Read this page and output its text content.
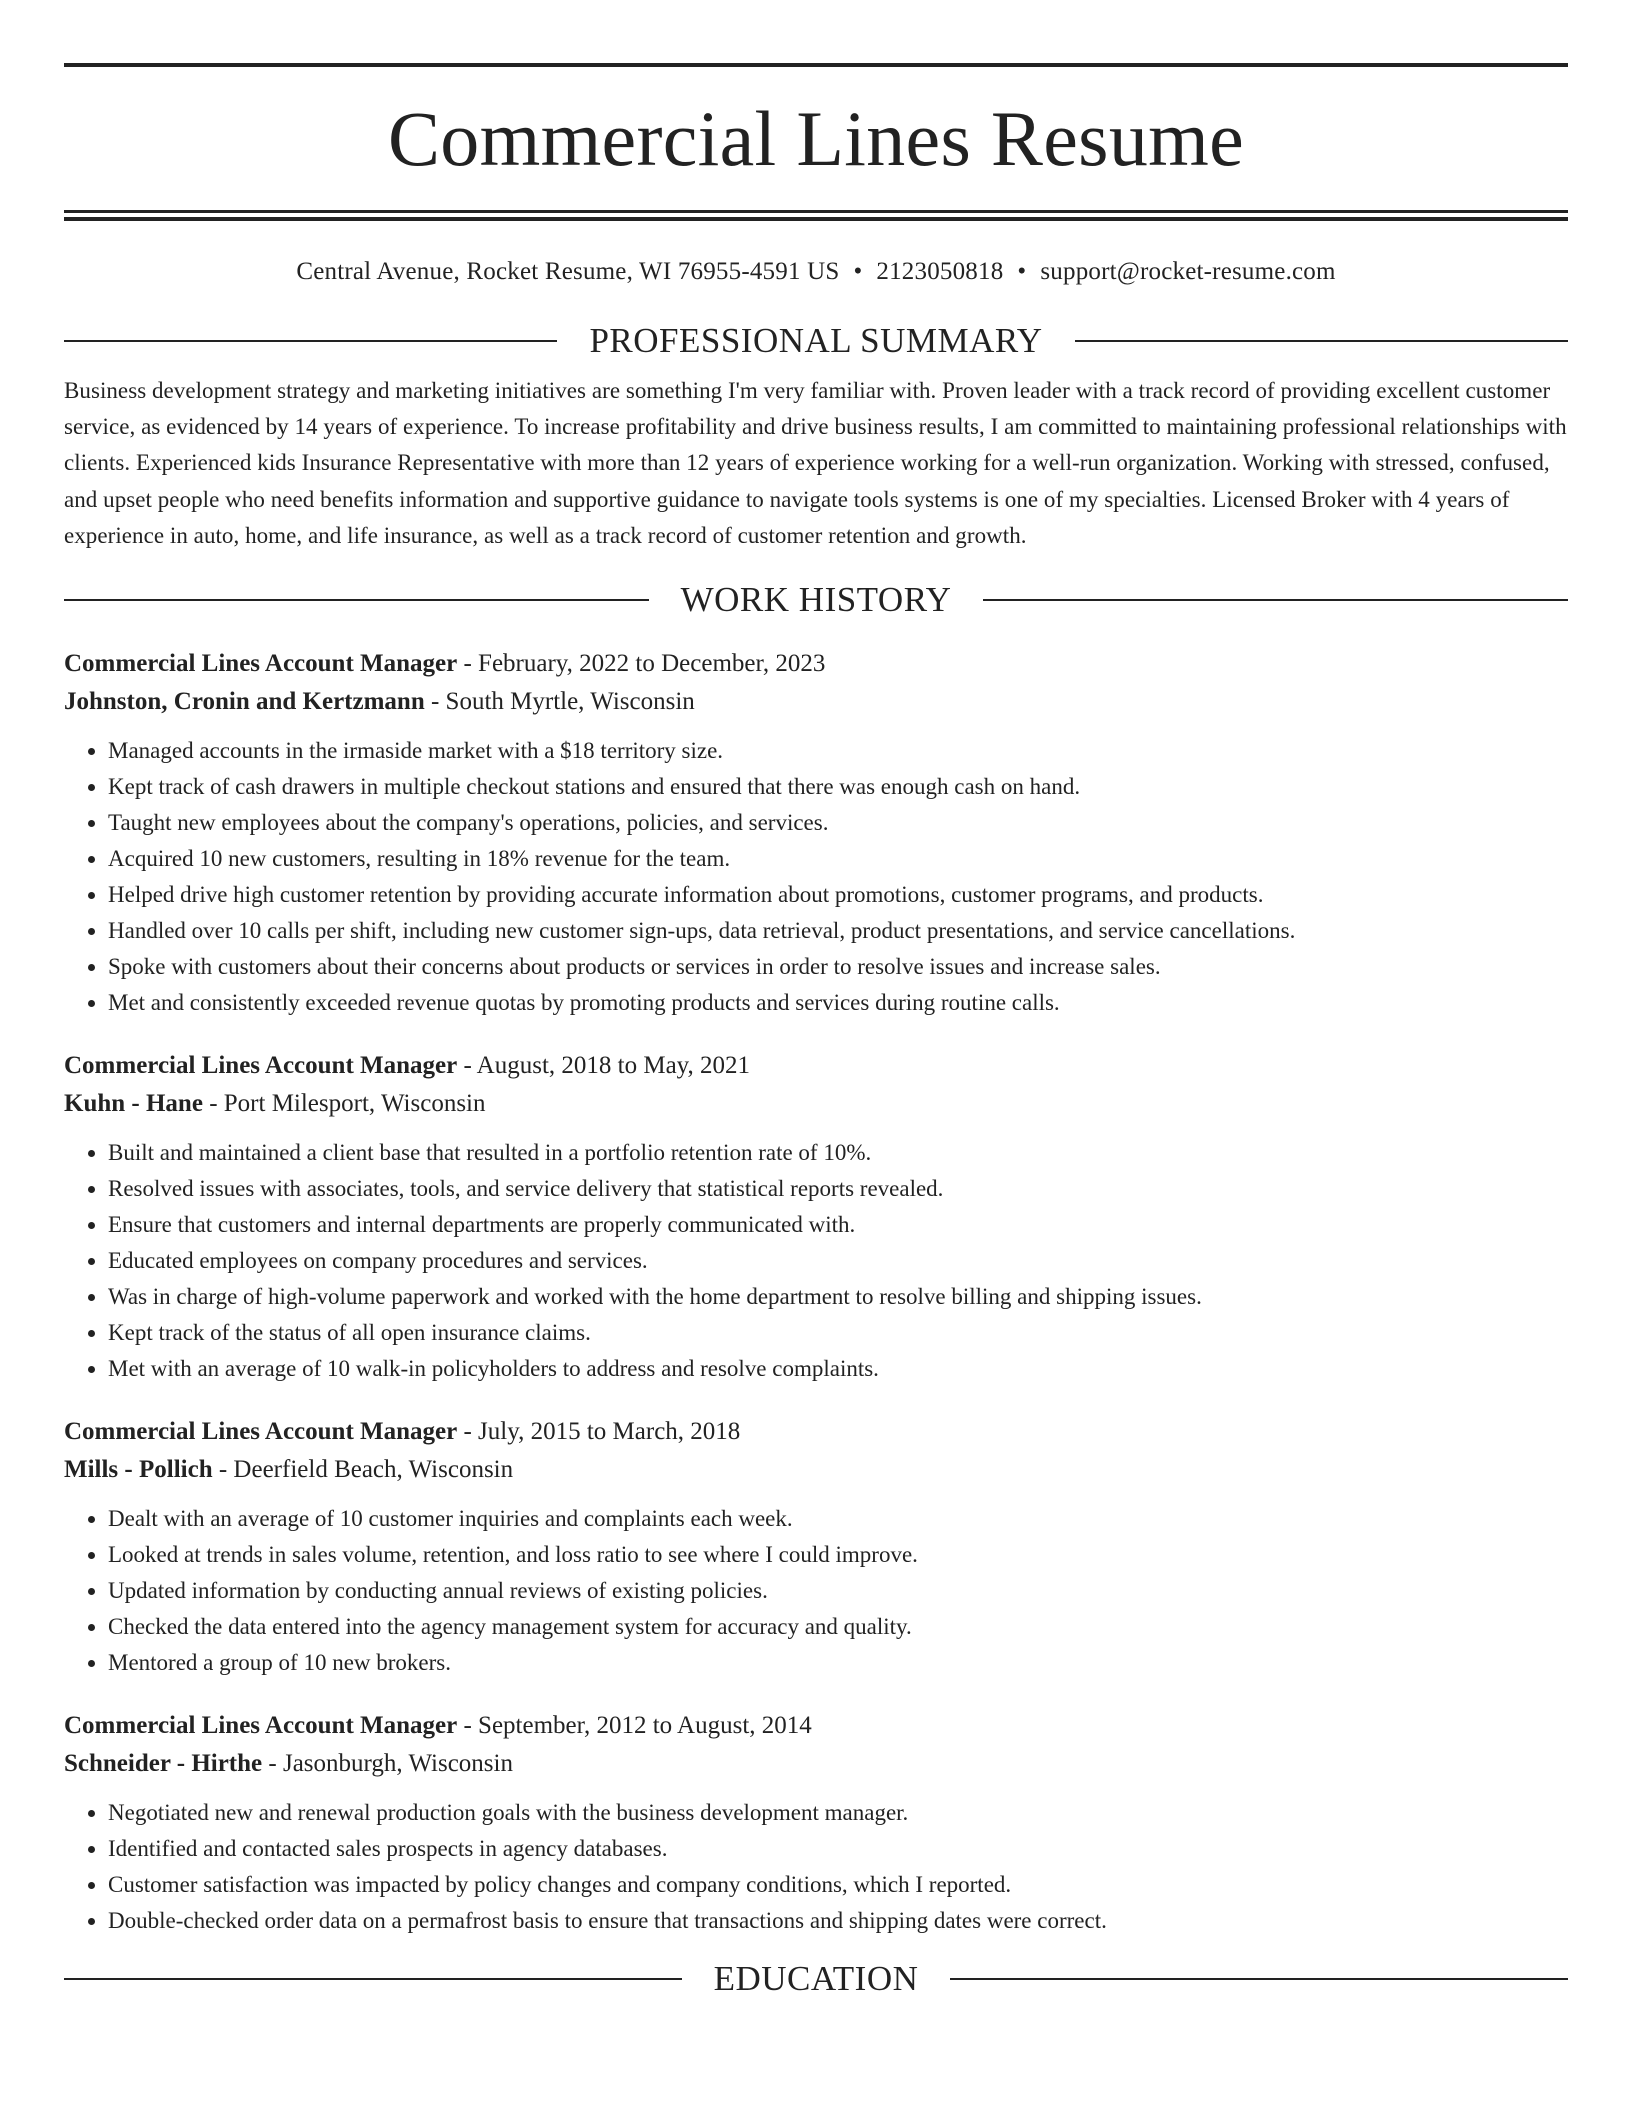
Commercial Lines Resume
Central Avenue, Rocket Resume, WI 76955-4591 US • 2123050818 • support@rocket-resume.com
PROFESSIONAL SUMMARY
Business development strategy and marketing initiatives are something I'm very familiar with. Proven leader with a track record of providing excellent customer service, as evidenced by 14 years of experience. To increase profitability and drive business results, I am committed to maintaining professional relationships with clients. Experienced kids Insurance Representative with more than 12 years of experience working for a well-run organization. Working with stressed, confused, and upset people who need benefits information and supportive guidance to navigate tools systems is one of my specialties. Licensed Broker with 4 years of experience in auto, home, and life insurance, as well as a track record of customer retention and growth.
WORK HISTORY
Commercial Lines Account Manager - February, 2022 to December, 2023
Johnston, Cronin and Kertzmann - South Myrtle, Wisconsin
• Managed accounts in the irmaside market with a $18 territory size.
• Kept track of cash drawers in multiple checkout stations and ensured that there was enough cash on hand.
• Taught new employees about the company's operations, policies, and services.
• Acquired 10 new customers, resulting in 18% revenue for the team.
• Helped drive high customer retention by providing accurate information about promotions, customer programs, and products.
• Handled over 10 calls per shift, including new customer sign-ups, data retrieval, product presentations, and service cancellations.
• Spoke with customers about their concerns about products or services in order to resolve issues and increase sales.
• Met and consistently exceeded revenue quotas by promoting products and services during routine calls.
Commercial Lines Account Manager - August, 2018 to May, 2021
Kuhn - Hane - Port Milesport, Wisconsin
• Built and maintained a client base that resulted in a portfolio retention rate of 10%.
• Resolved issues with associates, tools, and service delivery that statistical reports revealed.
• Ensure that customers and internal departments are properly communicated with.
• Educated employees on company procedures and services.
• Was in charge of high-volume paperwork and worked with the home department to resolve billing and shipping issues.
• Kept track of the status of all open insurance claims.
• Met with an average of 10 walk-in policyholders to address and resolve complaints.
Commercial Lines Account Manager - July, 2015 to March, 2018
Mills - Pollich - Deerfield Beach, Wisconsin
• Dealt with an average of 10 customer inquiries and complaints each week.
• Looked at trends in sales volume, retention, and loss ratio to see where I could improve.
• Updated information by conducting annual reviews of existing policies.
• Checked the data entered into the agency management system for accuracy and quality.
• Mentored a group of 10 new brokers.
Commercial Lines Account Manager - September, 2012 to August, 2014
Schneider - Hirthe - Jasonburgh, Wisconsin
• Negotiated new and renewal production goals with the business development manager.
• Identified and contacted sales prospects in agency databases.
• Customer satisfaction was impacted by policy changes and company conditions, which I reported.
• Double-checked order data on a permafrost basis to ensure that transactions and shipping dates were correct.
EDUCATION
